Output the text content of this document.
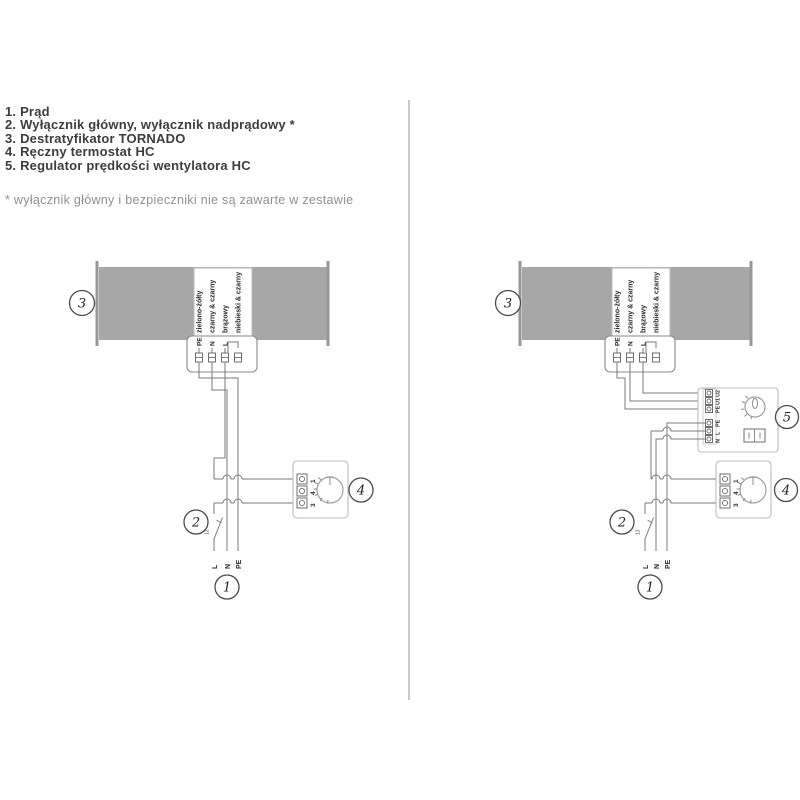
1. Prąd
2. Wyłącznik główny, wyłącznik nadprądowy *
3. Destratyfikator TORNADO
4. Ręczny termostat HC
5. Regulator prędkości wentylatora HC
* wyłącznik główny i bezpieczniki nie są zawarte w zestawie
3	zielono-żółty czarny & czarny brązowy niebieski & czarny
PE N L
13
2
1
4
3
4
L N PE
1
3	zielono-żółty czarny & czarny brązowy niebieski & czarny
PE N L
U2
U1
PE
PE
L
N
5
13
2
1
4
3
4
L N PE
1
